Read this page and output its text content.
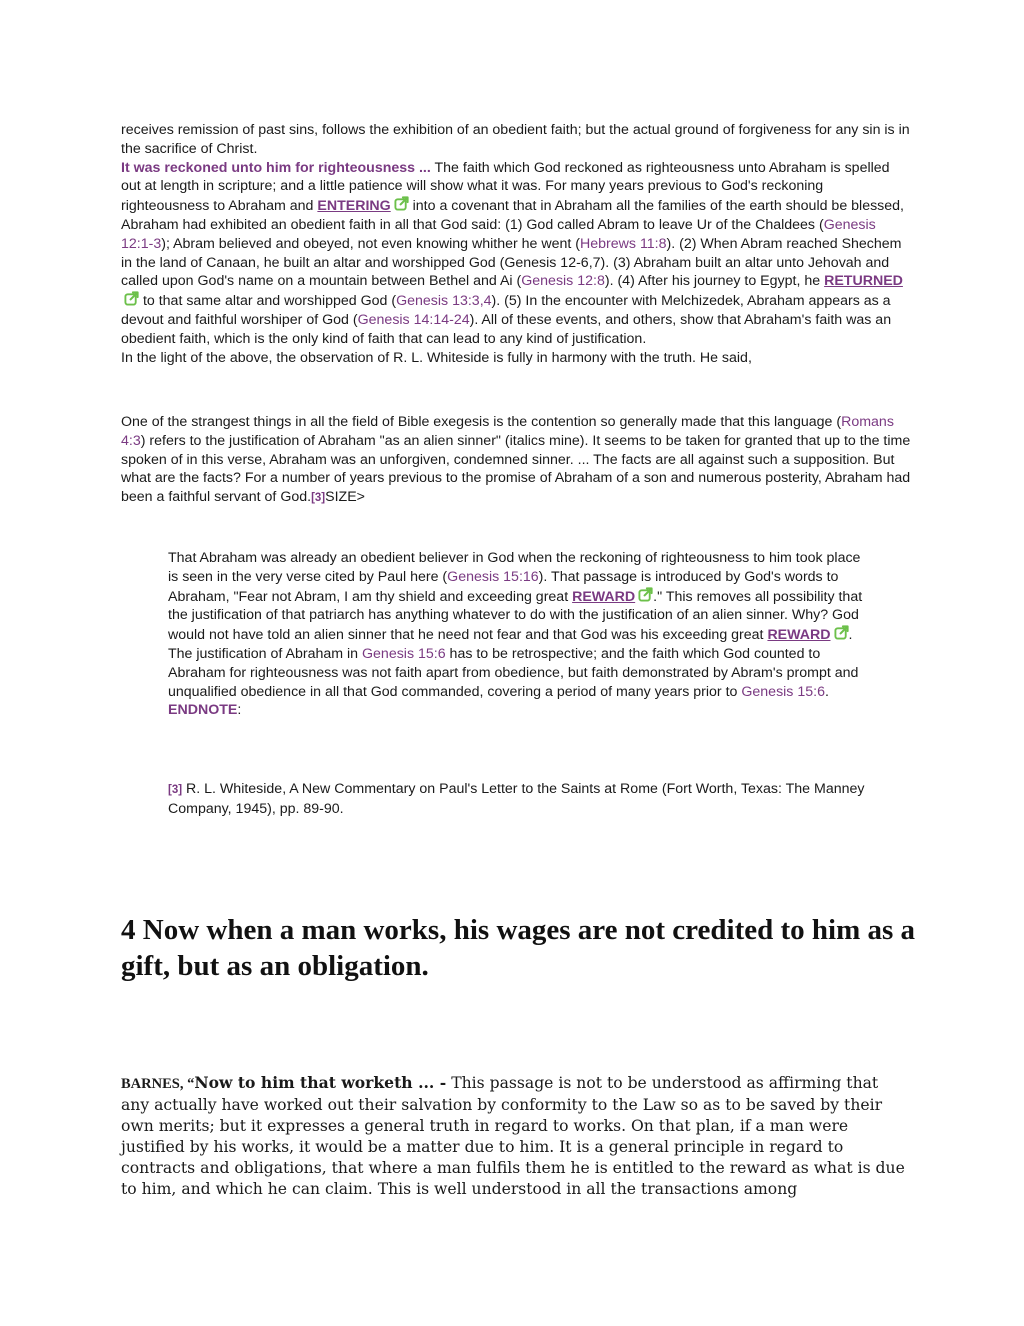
receives remission of past sins, follows the exhibition of an obedient faith; but the actual ground of forgiveness for any sin is in the sacrifice of Christ.

It was reckoned unto him for righteousness ... The faith which God reckoned as righteousness unto Abraham is spelled out at length in scripture; and a little patience will show what it was. For many years previous to God's reckoning righteousness to Abraham and ENTERING into a covenant that in Abraham all the families of the earth should be blessed, Abraham had exhibited an obedient faith in all that God said: (1) God called Abram to leave Ur of the Chaldees (Genesis 12:1-3); Abram believed and obeyed, not even knowing whither he went (Hebrews 11:8). (2) When Abram reached Shechem in the land of Canaan, he built an altar and worshipped God (Genesis 12-6,7). (3) Abraham built an altar unto Jehovah and called upon God's name on a mountain between Bethel and Ai (Genesis 12:8). (4) After his journey to Egypt, he RETURNED to that same altar and worshipped God (Genesis 13:3,4). (5) In the encounter with Melchizedek, Abraham appears as a devout and faithful worshiper of God (Genesis 14:14-24). All of these events, and others, show that Abraham's faith was an obedient faith, which is the only kind of faith that can lead to any kind of justification.

In the light of the above, the observation of R. L. Whiteside is fully in harmony with the truth. He said,

One of the strangest things in all the field of Bible exegesis is the contention so generally made that this language (Romans 4:3) refers to the justification of Abraham "as an alien sinner" (italics mine). It seems to be taken for granted that up to the time spoken of in this verse, Abraham was an unforgiven, condemned sinner. ... The facts are all against such a supposition. But what are the facts? For a number of years previous to the promise of Abraham of a son and numerous posterity, Abraham had been a faithful servant of God.[3]SIZE>

That Abraham was already an obedient believer in God when the reckoning of righteousness to him took place is seen in the very verse cited by Paul here (Genesis 15:16). That passage is introduced by God's words to Abraham, "Fear not Abram, I am thy shield and exceeding great REWARD ." This removes all possibility that the justification of that patriarch has anything whatever to do with the justification of an alien sinner. Why? God would not have told an alien sinner that he need not fear and that God was his exceeding great REWARD . The justification of Abraham in Genesis 15:6 has to be retrospective; and the faith which God counted to Abraham for righteousness was not faith apart from obedience, but faith demonstrated by Abram's prompt and unqualified obedience in all that God commanded, covering a period of many years prior to Genesis 15:6.

ENDNOTE:

[3] R. L. Whiteside, A New Commentary on Paul's Letter to the Saints at Rome (Fort Worth, Texas: The Manney Company, 1945), pp. 89-90.

4 Now when a man works, his wages are not credited to him as a gift, but as an obligation.
BARNES, “Now to him that worketh ... - This passage is not to be understood as affirming that any actually have worked out their salvation by conformity to the Law so as to be saved by their own merits; but it expresses a general truth in regard to works. On that plan, if a man were justified by his works, it would be a matter due to him. It is a general principle in regard to contracts and obligations, that where a man fulfils them he is entitled to the reward as what is due to him, and which he can claim. This is well understood in all the transactions among
